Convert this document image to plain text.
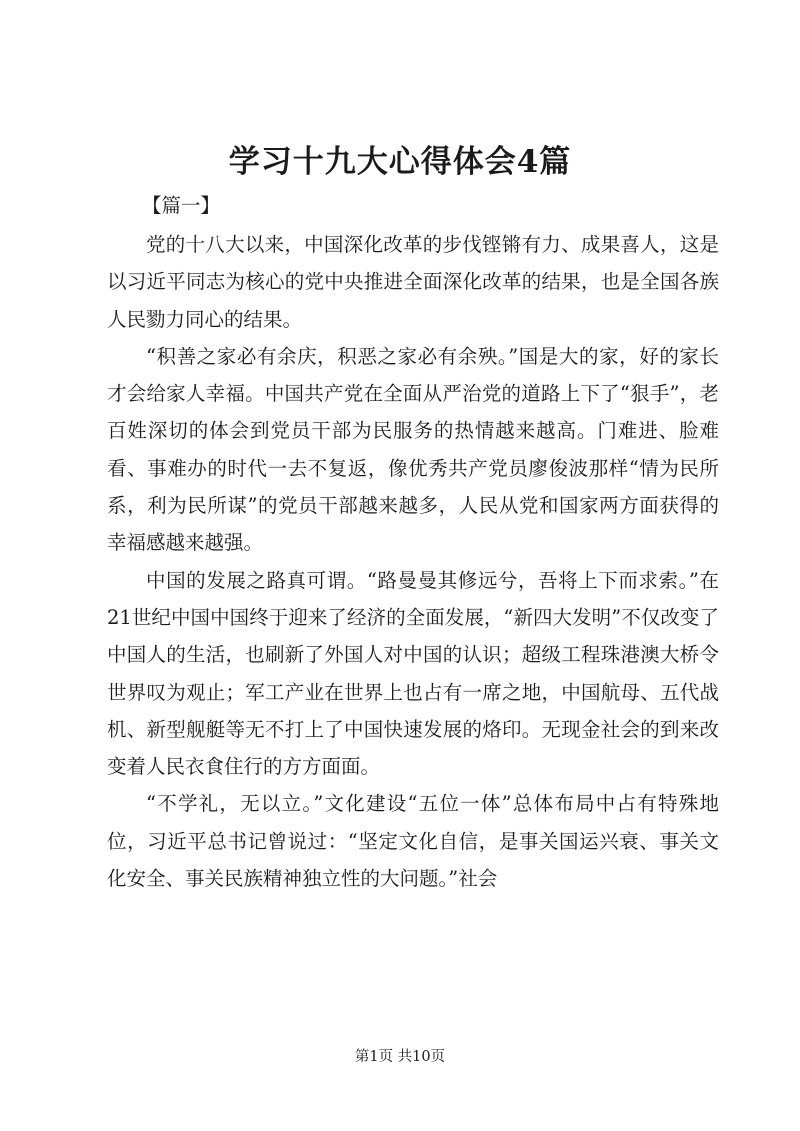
学习十九大心得体会4篇

【篇一】

党的十八大以来，中国深化改革的步伐铿锵有力、成果喜人，这是以习近平同志为核心的党中央推进全面深化改革的结果，也是全国各族人民勠力同心的结果。

“积善之家必有余庆，积恶之家必有余殃。”国是大的家，好的家长才会给家人幸福。中国共产党在全面从严治党的道路上下了“狠手”，老百姓深切的体会到党员干部为民服务的热情越来越高。门难进、脸难看、事难办的时代一去不复返，像优秀共产党员廖俊波那样“情为民所系，利为民所谋”的党员干部越来越多，人民从党和国家两方面获得的幸福感越来越强。

中国的发展之路真可谓。“路曼曼其修远兮，吾将上下而求索。”在21世纪中国中国终于迎来了经济的全面发展，“新四大发明”不仅改变了中国人的生活，也刷新了外国人对中国的认识；超级工程珠港澳大桥令世界叹为观止；军工产业在世界上也占有一席之地，中国航母、五代战机、新型舰艇等无不打上了中国快速发展的烙印。无现金社会的到来改变着人民衣食住行的方方面面。

“不学礼，无以立。”文化建设“五位一体”总体布局中占有特殊地位，习近平总书记曾说过：“坚定文化自信，是事关国运兴衰、事关文化安全、事关民族精神独立性的大问题。”社会

第1页 共10页
